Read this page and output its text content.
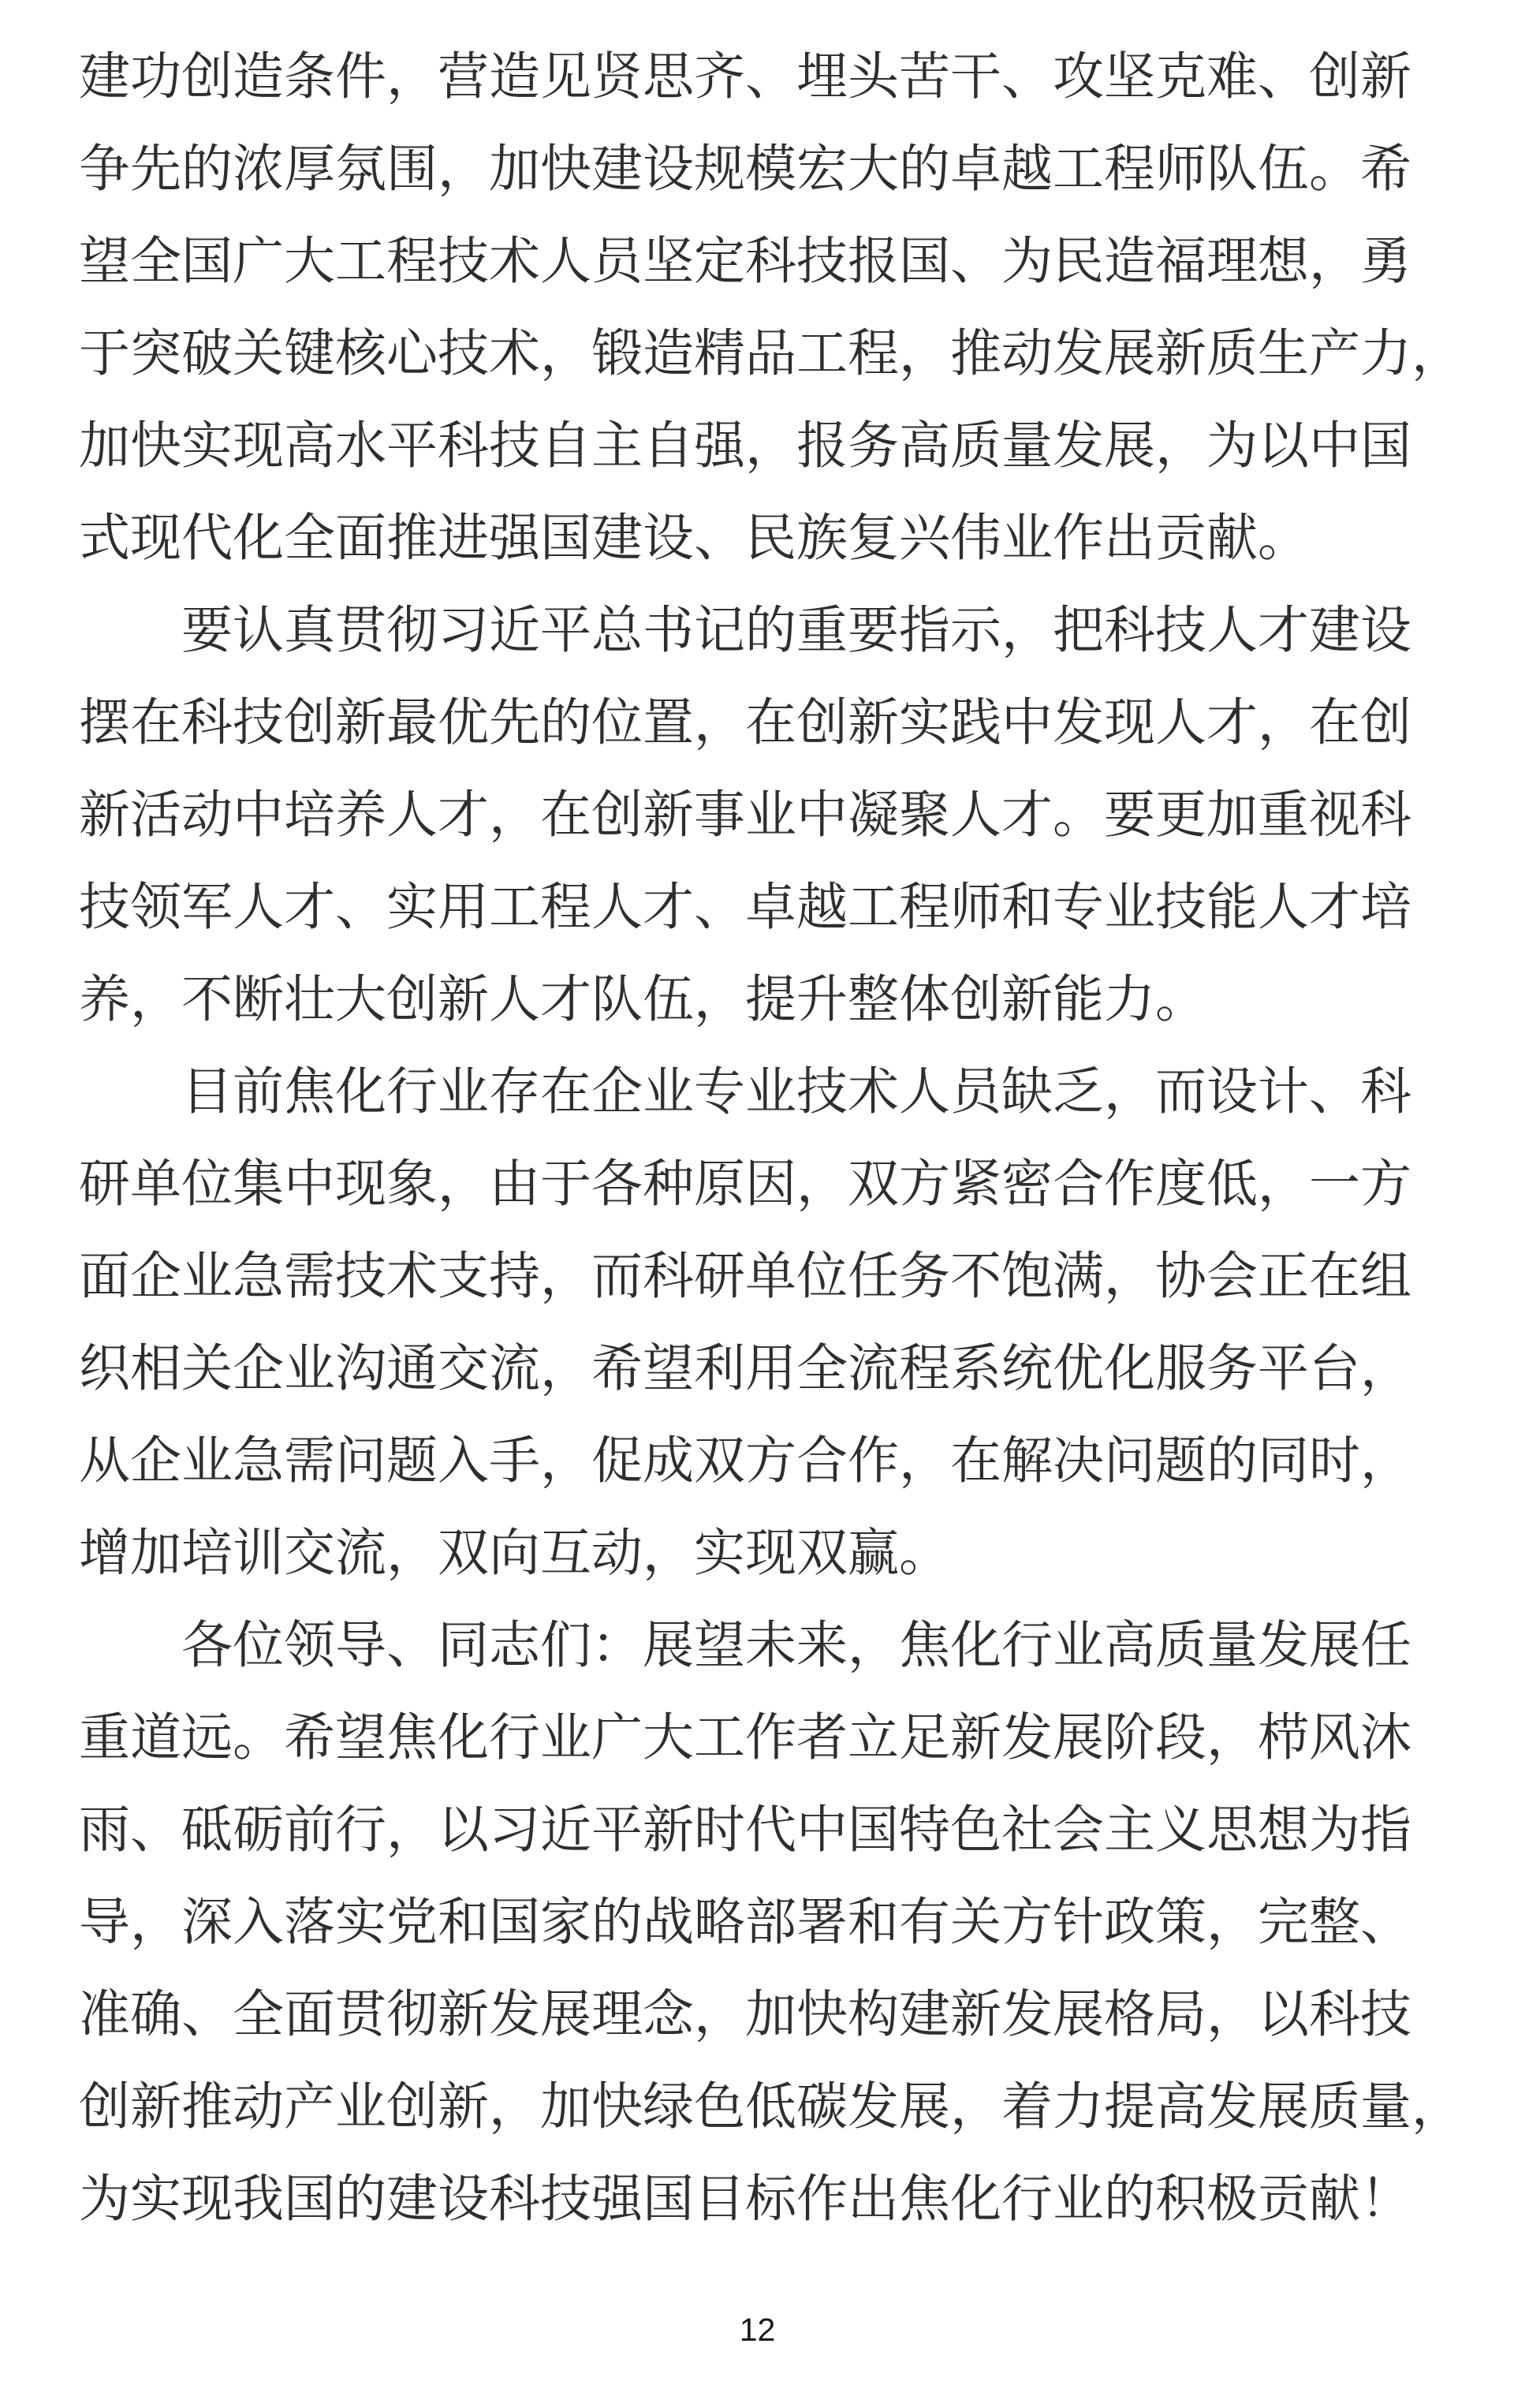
建功创造条件，营造见贤思齐、埋头苦干、攻坚克难、创新
争先的浓厚氛围，加快建设规模宏大的卓越工程师队伍。希
望全国广大工程技术人员坚定科技报国、为民造福理想，勇
于突破关键核心技术，锻造精品工程，推动发展新质生产力，
加快实现高水平科技自主自强，报务高质量发展，为以中国
式现代化全面推进强国建设、民族复兴伟业作出贡献。
要认真贯彻习近平总书记的重要指示，把科技人才建设
摆在科技创新最优先的位置，在创新实践中发现人才，在创
新活动中培养人才，在创新事业中凝聚人才。要更加重视科
技领军人才、实用工程人才、卓越工程师和专业技能人才培
养，不断壮大创新人才队伍，提升整体创新能力。
目前焦化行业存在企业专业技术人员缺乏，而设计、科
研单位集中现象，由于各种原因，双方紧密合作度低，一方
面企业急需技术支持，而科研单位任务不饱满，协会正在组
织相关企业沟通交流，希望利用全流程系统优化服务平台，
从企业急需问题入手，促成双方合作，在解决问题的同时，
增加培训交流，双向互动，实现双赢。
各位领导、同志们：展望未来，焦化行业高质量发展任
重道远。希望焦化行业广大工作者立足新发展阶段，栉风沐
雨、砥砺前行，以习近平新时代中国特色社会主义思想为指
导，深入落实党和国家的战略部署和有关方针政策，完整、
准确、全面贯彻新发展理念，加快构建新发展格局，以科技
创新推动产业创新，加快绿色低碳发展，着力提高发展质量，
为实现我国的建设科技强国目标作出焦化行业的积极贡献！
12
